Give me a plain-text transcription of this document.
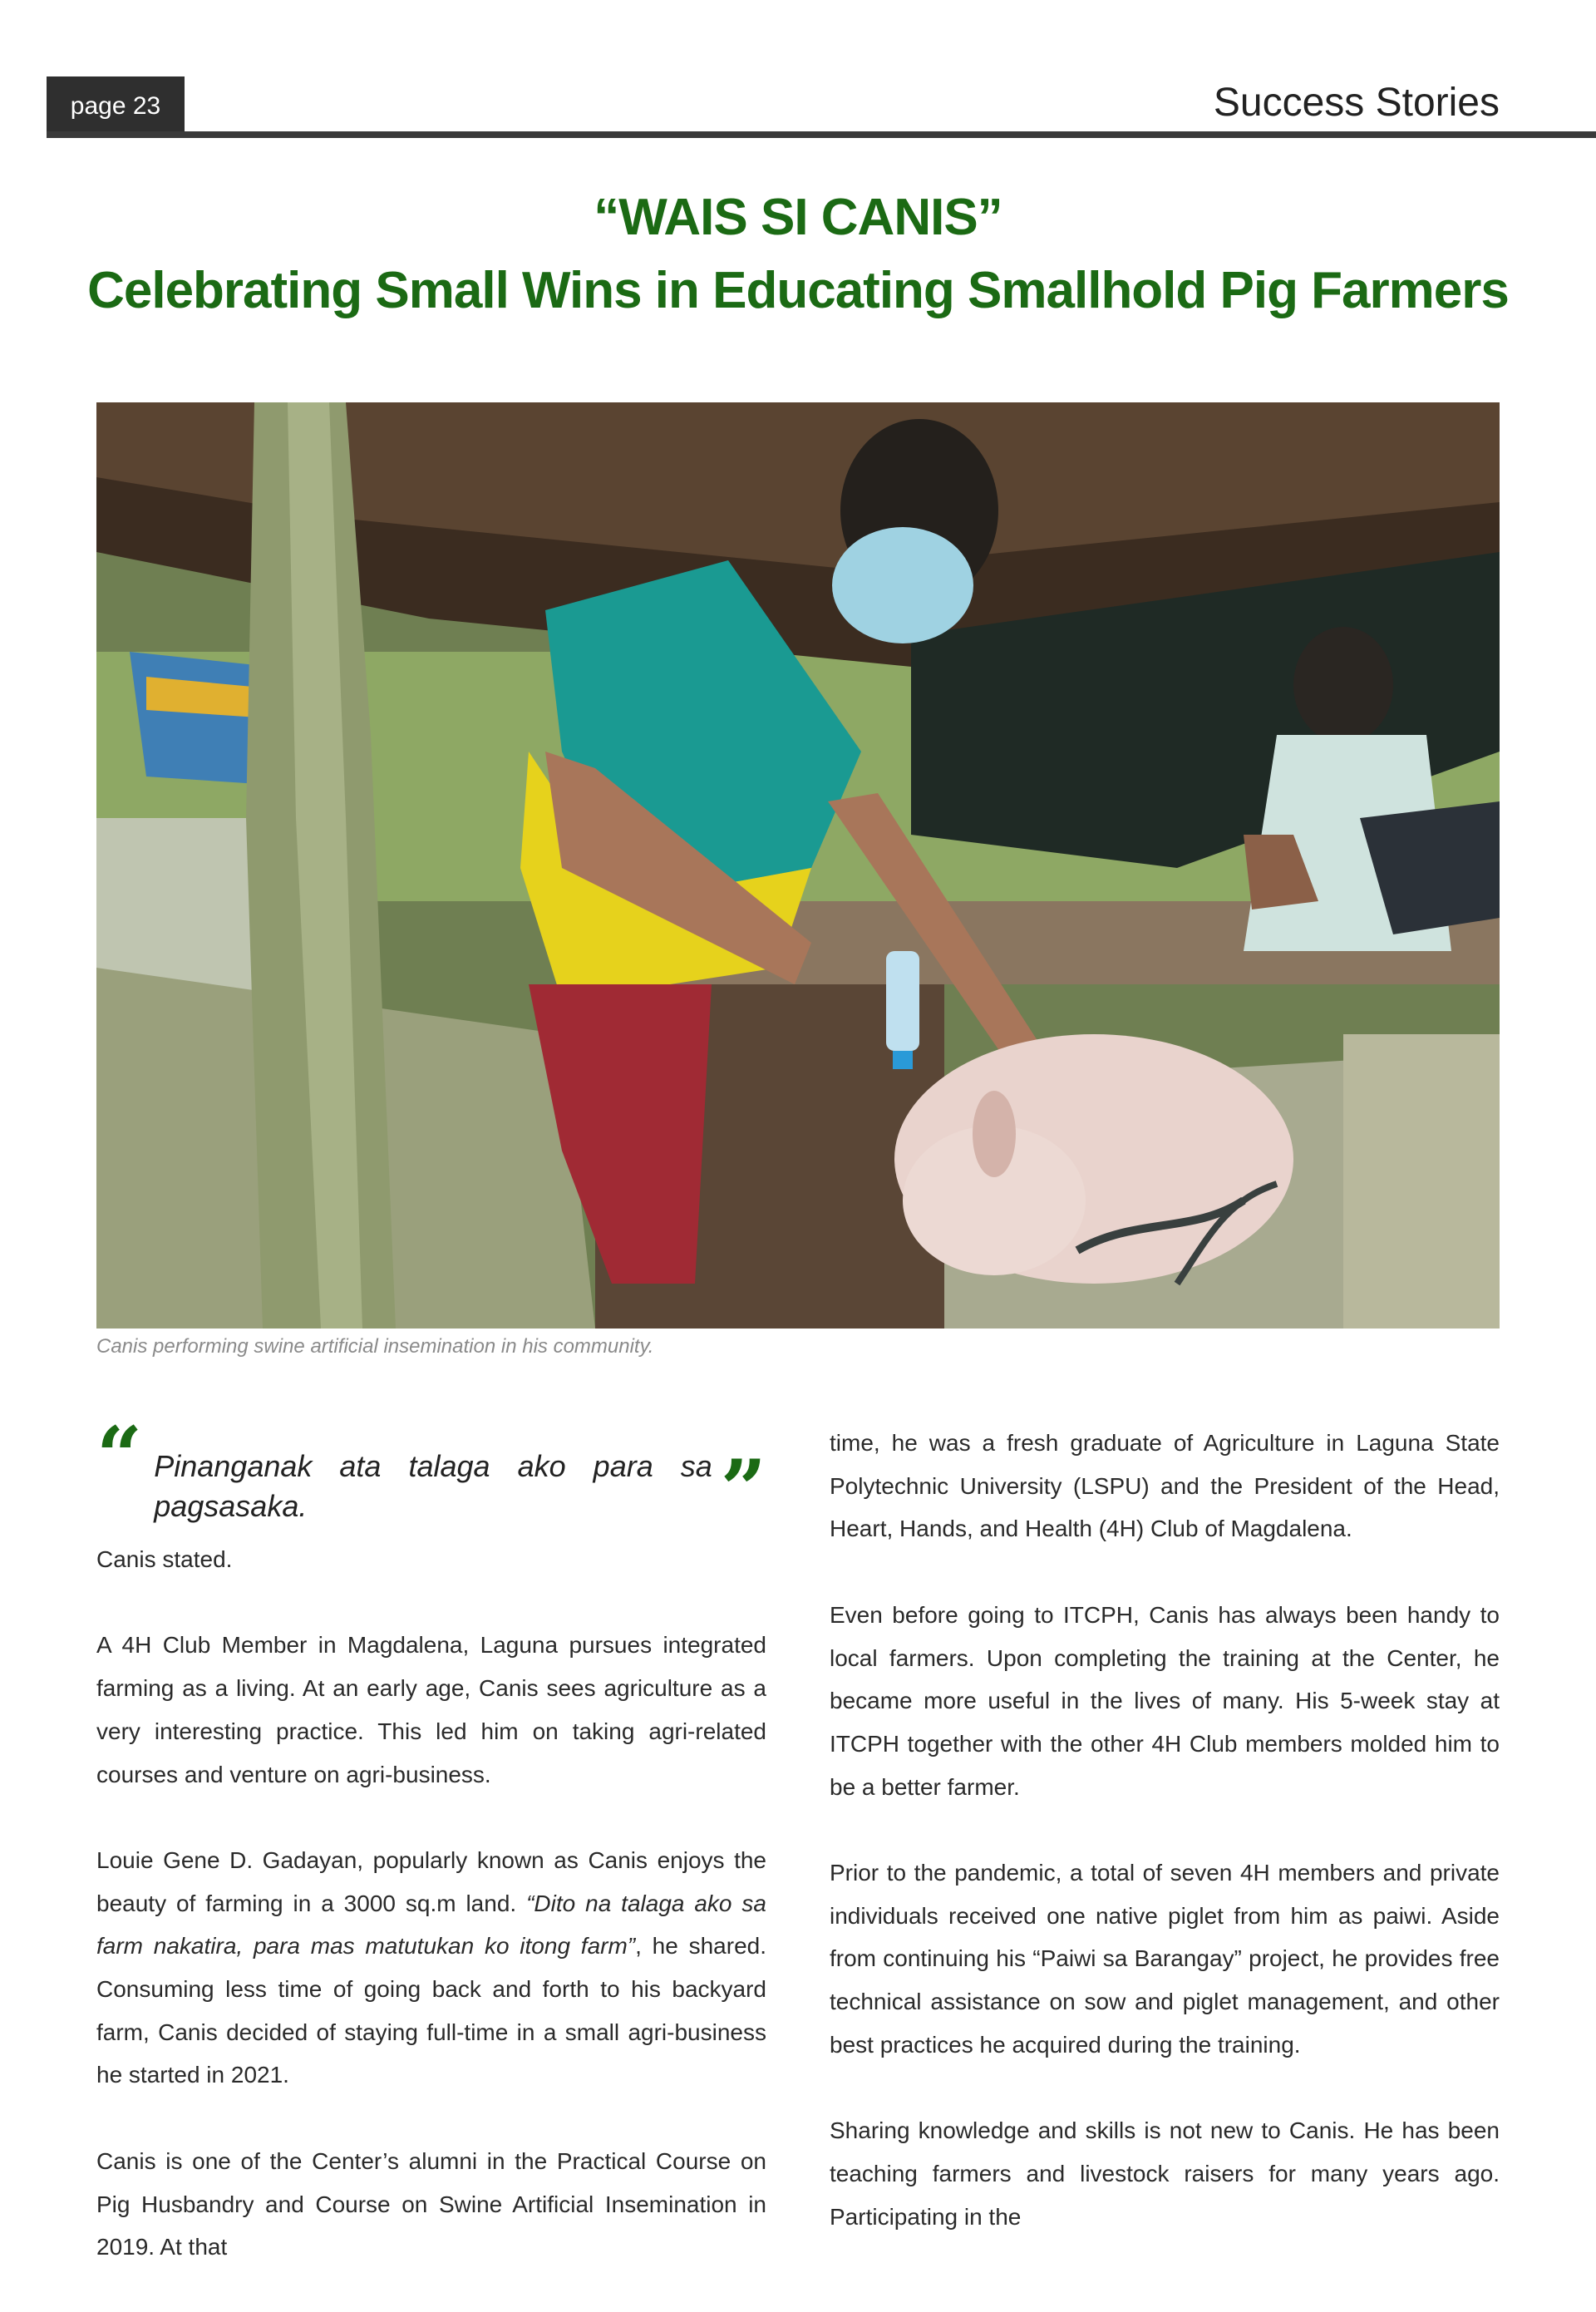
page 23	Success Stories
“WAIS SI CANIS”
Celebrating Small Wins in Educating Smallhold Pig Farmers
Canis performing swine artificial insemination in his community.
“ Pinanganak ata talaga ako para sa pagsasaka.	”
Canis stated.

A 4H Club Member in Magdalena, Laguna pursues integrated farming as a living. At an early age, Canis sees agriculture as a very interesting practice. This led him on taking agri-related courses and venture on agri-business.

Louie Gene D. Gadayan, popularly known as Canis enjoys the beauty of farming in a 3000 sq.m land. “Dito na talaga ako sa farm nakatira, para mas matutukan ko itong farm”, he shared. Consuming less time of going back and forth to his backyard farm, Canis decided of staying full-time in a small agri-business he started in 2021.

Canis is one of the Center’s alumni in the Practical Course on Pig Husbandry and Course on Swine Artificial Insemination in 2019. At that

time, he was a fresh graduate of Agriculture in Laguna State Polytechnic University (LSPU) and the President of the Head, Heart, Hands, and Health (4H) Club of Magdalena.

Even before going to ITCPH, Canis has always been handy to local farmers. Upon completing the training at the Center, he became more useful in the lives of many. His 5-week stay at ITCPH together with the other 4H Club members molded him to be a better farmer.

Prior to the pandemic, a total of seven 4H members and private individuals received one native piglet from him as paiwi. Aside from continuing his “Paiwi sa Barangay” project, he provides free technical assistance on sow and piglet management, and other best practices he acquired during the training.

Sharing knowledge and skills is not new to Canis. He has been teaching farmers and livestock raisers for many years ago. Participating in the
